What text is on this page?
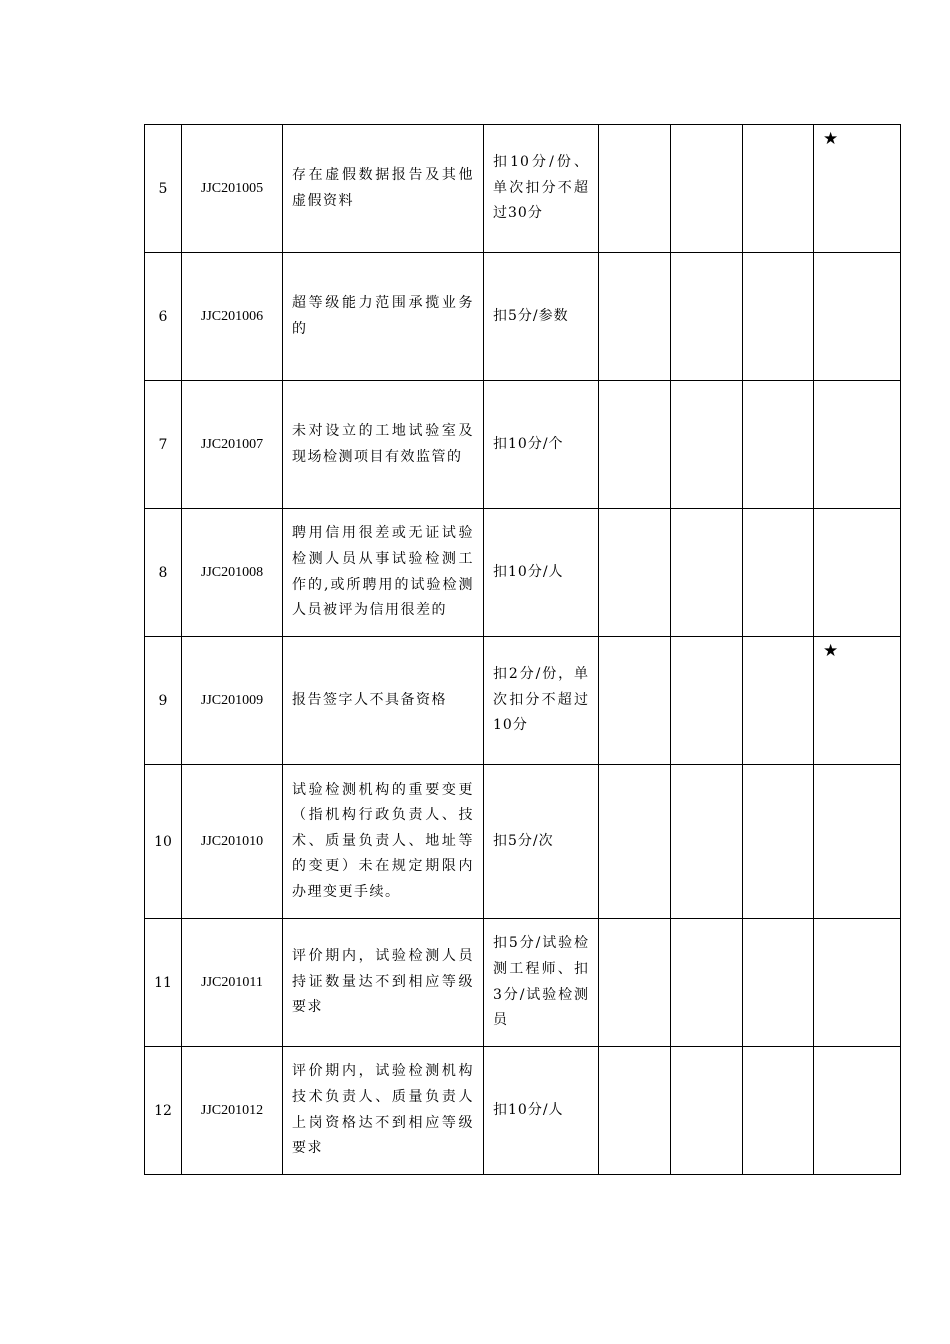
5	JJC201005	存在虚假数据报告及其他虚假资料	扣10分/份、单次扣分不超过30分				★

6	JJC201006	超等级能力范围承揽业务的	扣5分/参数				

7	JJC201007	未对设立的工地试验室及现场检测项目有效监管的	扣10分/个				

8	JJC201008	聘用信用很差或无证试验检测人员从事试验检测工作的,或所聘用的试验检测人员被评为信用很差的	扣10分/人				

9	JJC201009	报告签字人不具备资格	扣2分/份，单次扣分不超过10分				★

10	JJC201010	试验检测机构的重要变更（指机构行政负责人、技术、质量负责人、地址等的变更）未在规定期限内办理变更手续。	扣5分/次				

11	JJC201011	评价期内，试验检测人员持证数量达不到相应等级要求	扣5分/试验检测工程师、扣3分/试验检测员				

12	JJC201012	评价期内，试验检测机构技术负责人、质量负责人上岗资格达不到相应等级要求	扣10分/人				
